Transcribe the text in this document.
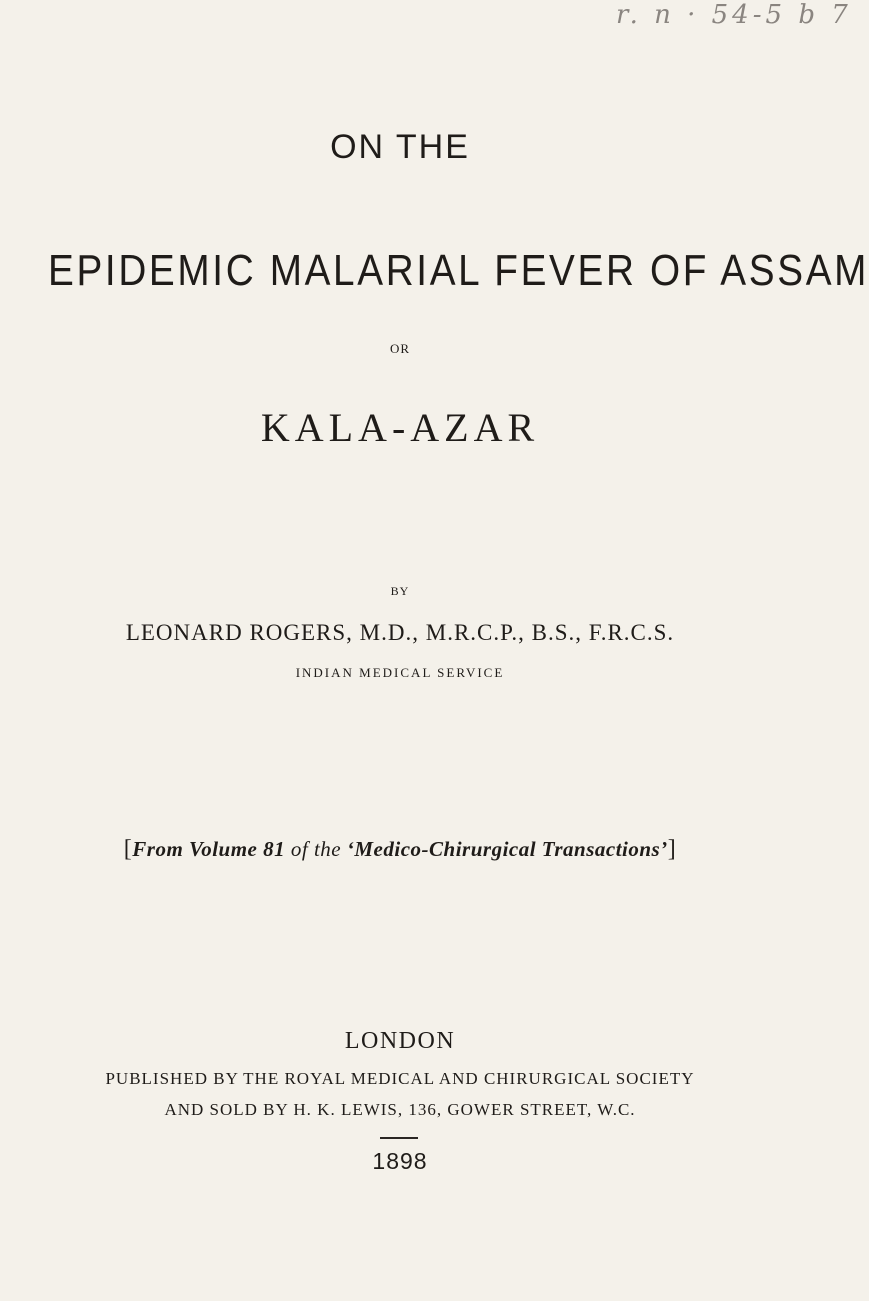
r. n · 54-5 b 7
ON THE
EPIDEMIC MALARIAL FEVER OF ASSAM
OR
KALA-AZAR
BY
LEONARD ROGERS, M.D., M.R.C.P., B.S., F.R.C.S.
INDIAN MEDICAL SERVICE
[From Volume 81 of the ‘Medico-Chirurgical Transactions’]
LONDON
PUBLISHED BY THE ROYAL MEDICAL AND CHIRURGICAL SOCIETY
AND SOLD BY H. K. LEWIS, 136, GOWER STREET, W.C.
1898
